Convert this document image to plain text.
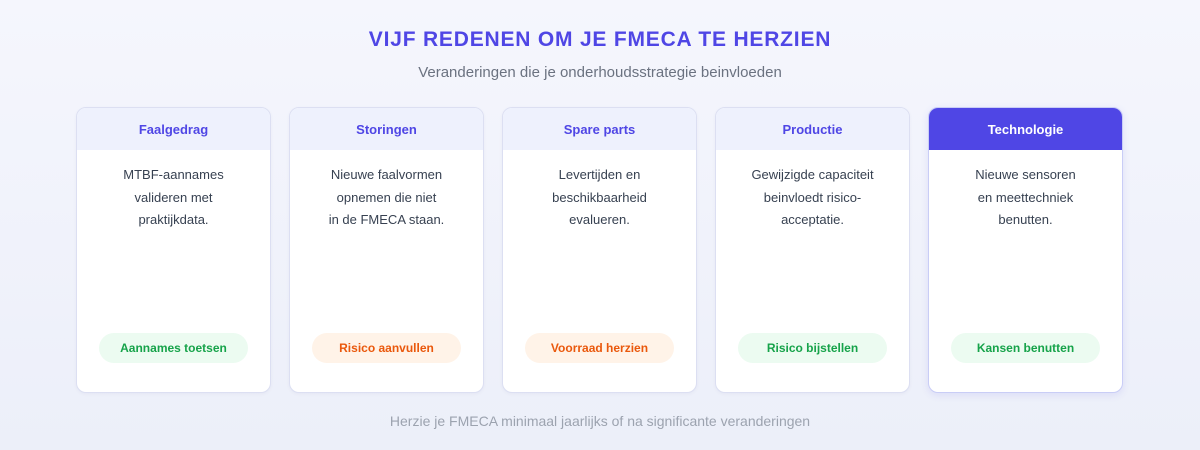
VIJF REDENEN OM JE FMECA TE HERZIEN
Veranderingen die je onderhoudsstrategie beinvloeden
Faalgedrag
MTBF-aannames
valideren met
praktijkdata.
Aannames toetsen
Storingen
Nieuwe faalvormen
opnemen die niet
in de FMECA staan.
Risico aanvullen
Spare parts
Levertijden en
beschikbaarheid
evalueren.
Voorraad herzien
Productie
Gewijzigde capaciteit
beinvloedt risico-
acceptatie.
Risico bijstellen
Technologie
Nieuwe sensoren
en meettechniek
benutten.
Kansen benutten
Herzie je FMECA minimaal jaarlijks of na significante veranderingen
